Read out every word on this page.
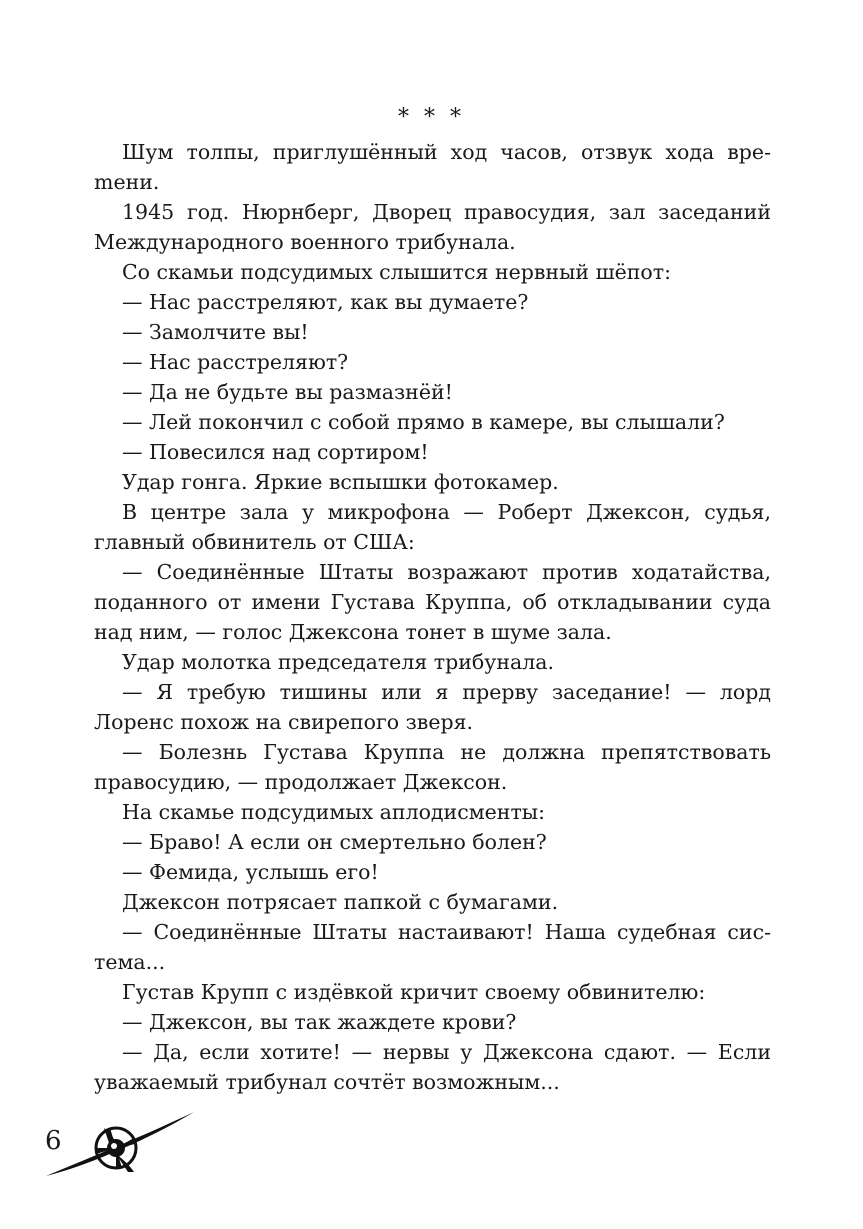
* * *

Шум толпы, приглушённый ход часов, отзвук хода вреmени.

1945 год. Нюрнберг, Дворец правосудия, зал заседаний Международного военного трибунала.

Со скамьи подсудимых слышится нервный шёпот:

— Нас расстреляют, как вы думаете?

— Замолчите вы!

— Нас расстреляют?

— Да не будьте вы размазнёй!

— Лей покончил с собой прямо в камере, вы слышали?

— Повесился над сортиром!

Удар гонга. Яркие вспышки фотокамер.

В центре зала у микрофона — Роберт Джексон, судья, главный обвинитель от США:

— Соединённые Штаты возражают против ходатайства, поданного от имени Густава Круппа, об откладывании суда над ним, — голос Джексона тонет в шуме зала.

Удар молотка председателя трибунала.

— Я требую тишины или я прерву заседание! — лорд Лоренс похож на свирепого зверя.

— Болезнь Густава Круппа не должна препятствовать правосудию, — продолжает Джексон.

На скамье подсудимых аплодисменты:

— Браво! А если он смертельно болен?

— Фемида, услышь его!

Джексон потрясает папкой с бумагами.

— Соединённые Штаты настаивают! Наша судебная система...

Густав Крупп с издёвкой кричит своему обвинителю:

— Джексон, вы так жаждете крови?

— Да, если хотите! — нервы у Джексона сдают. — Если уважаемый трибунал сочтёт возможным...

6
